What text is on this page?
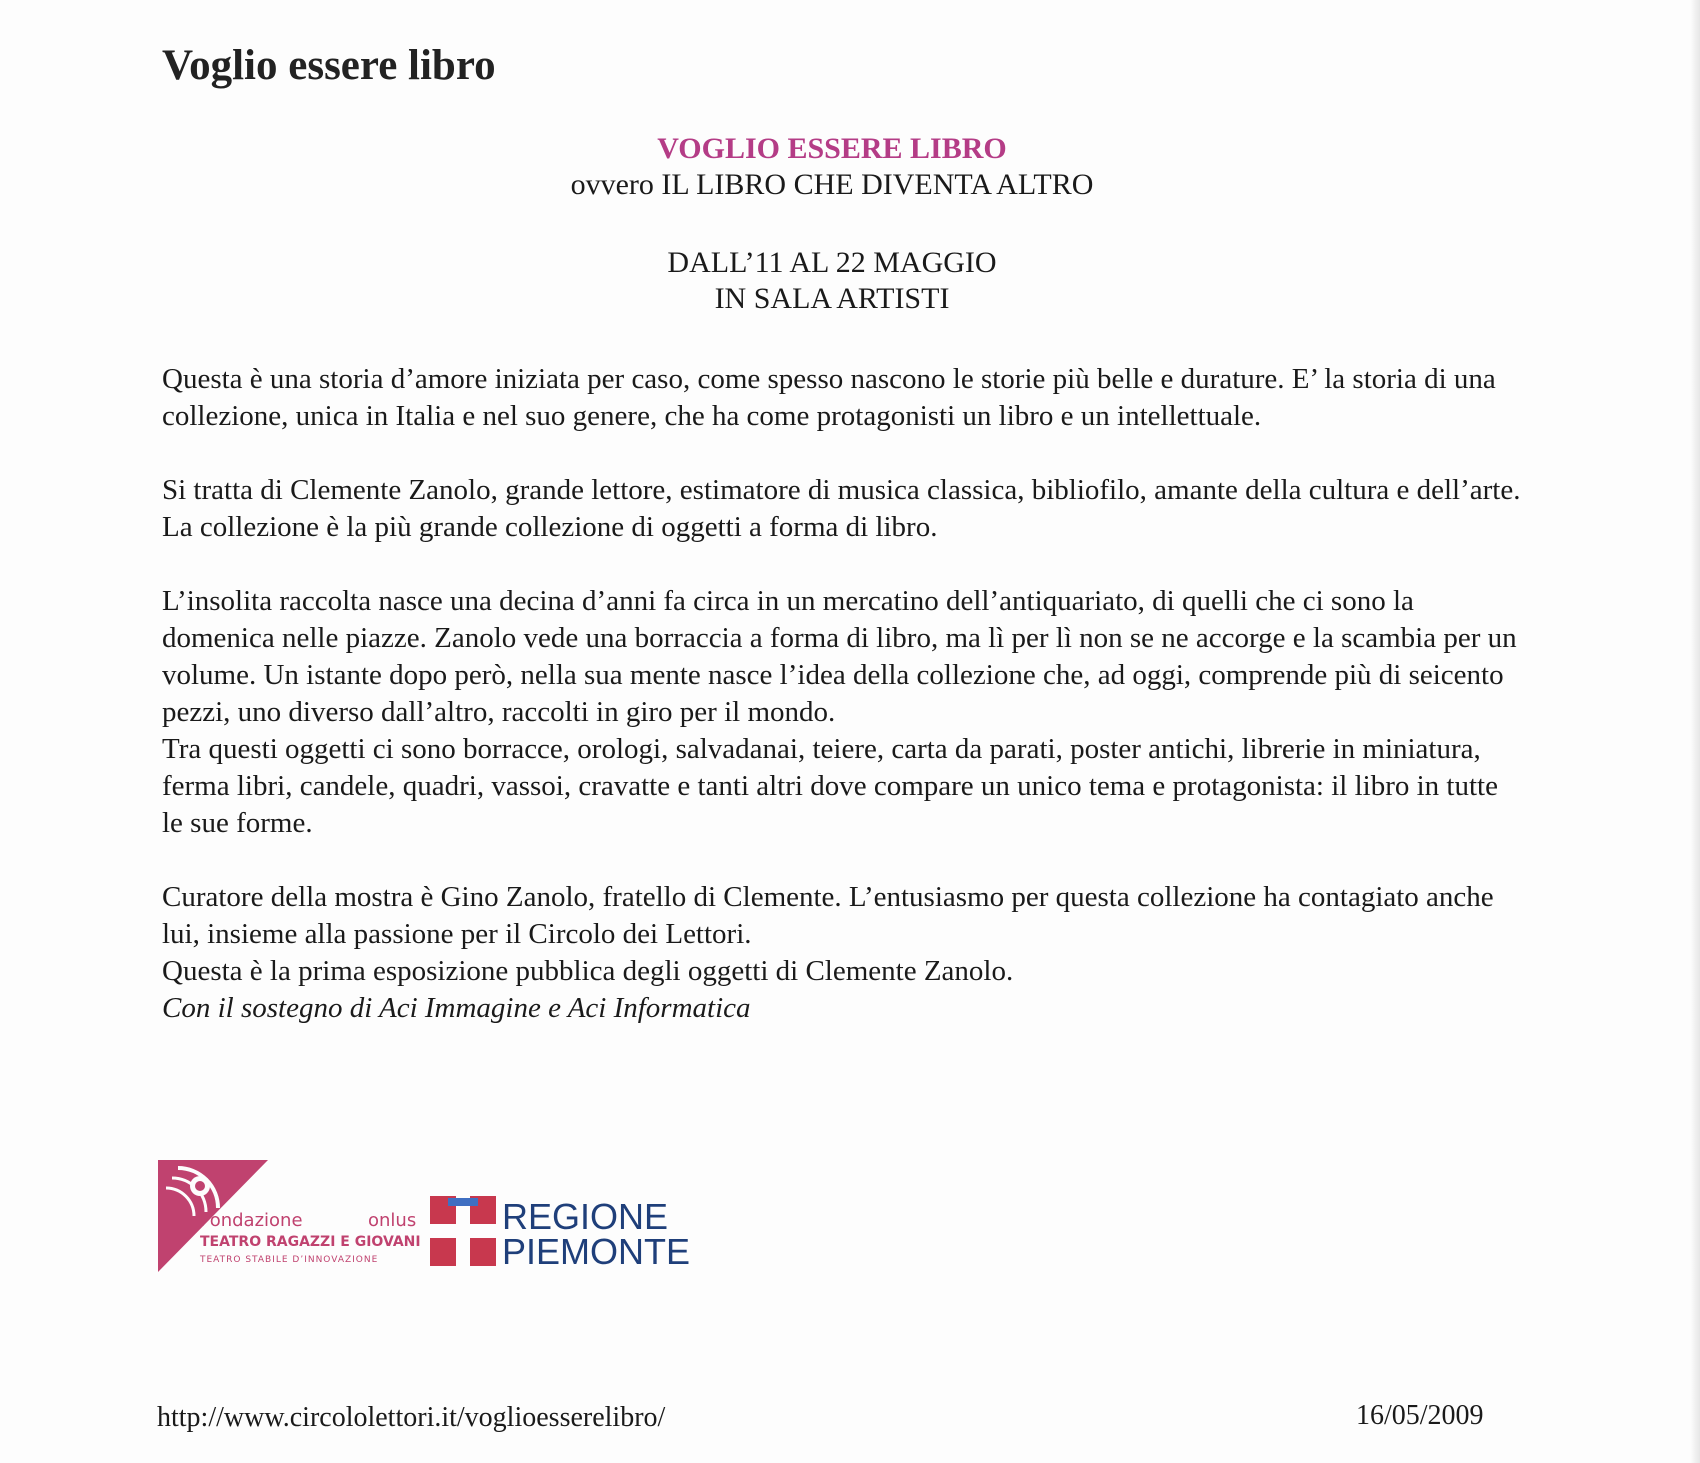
Voglio essere libro
VOGLIO ESSERE LIBRO
ovvero IL LIBRO CHE DIVENTA ALTRO
DALL’11 AL 22 MAGGIO
IN SALA ARTISTI

Questa è una storia d’amore iniziata per caso, come spesso nascono le storie più belle e durature. E’ la storia di una collezione, unica in Italia e nel suo genere, che ha come protagonisti un libro e un intellettuale.

Si tratta di Clemente Zanolo, grande lettore, estimatore di musica classica, bibliofilo, amante della cultura e dell’arte. La collezione è la più grande collezione di oggetti a forma di libro.

L’insolita raccolta nasce una decina d’anni fa circa in un mercatino dell’antiquariato, di quelli che ci sono la domenica nelle piazze. Zanolo vede una borraccia a forma di libro, ma lì per lì non se ne accorge e la scambia per un volume. Un istante dopo però, nella sua mente nasce l’idea della collezione che, ad oggi, comprende più di seicento pezzi, uno diverso dall’altro, raccolti in giro per il mondo.

Tra questi oggetti ci sono borracce, orologi, salvadanai, teiere, carta da parati, poster antichi, librerie in miniatura, ferma libri, candele, quadri, vassoi, cravatte e tanti altri dove compare un unico tema e protagonista: il libro in tutte le sue forme.

Curatore della mostra è Gino Zanolo, fratello di Clemente. L’entusiasmo per questa collezione ha contagiato anche lui, insieme alla passione per il Circolo dei Lettori.

Questa è la prima esposizione pubblica degli oggetti di Clemente Zanolo.

Con il sostegno di Aci Immagine e Aci Informatica

Fondazione	onlus
TEATRO RAGAZZI E GIOVANI
TEATRO STABILE D’INNOVAZIONE
REGIONE
PIEMONTE
http://www.circololettori.it/voglioesserelibro/	16/05/2009
